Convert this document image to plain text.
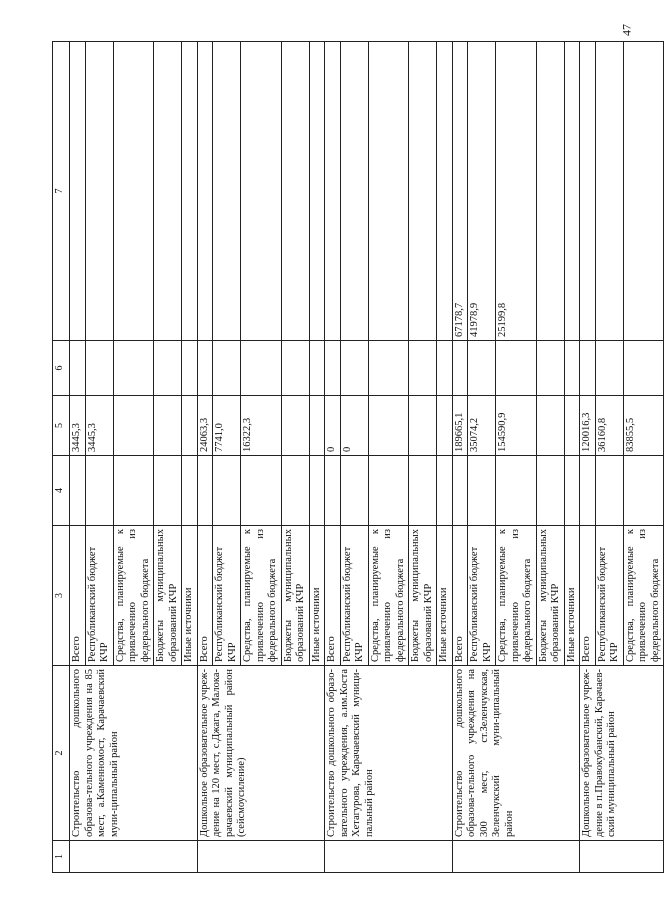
47
1	2	3	4	5	6	7
	Строительство дошкольного образова-тельного учреждения на 85 мест, а.Каменномост, Карачаевский муни-ципальный район	Всего		3445,3		
		Республиканский бюджет КЧР		3445,3		
		Средства, планируемые к привлечению из федерального бюджета				
		Бюджеты муниципальных образований КЧР				
		Иные источники				
	Дошкольное образовательное учреж-дение на 120 мест, с.Джага, Малока-рачаевский муниципальный район (сейсмоусиление)	Всего		24063,3		
		Республиканский бюджет КЧР		7741,0		
		Средства, планируемые к привлечению из федерального бюджета		16322,3		
		Бюджеты муниципальных образований КЧР				
		Иные источники				
	Строительство дошкольного образо-вательного учреждения, а.им.Коста Хетагурова, Карачаевский муници-пальный район	Всего		0		
		Республиканский бюджет КЧР		0		
		Средства, планируемые к привлечению из федерального бюджета				
		Бюджеты муниципальных образований КЧР				
		Иные источники				
	Строительство дошкольного образова-тельного учреждения на 300 мест, ст.Зеленчукская, Зеленчукский муни-ципальный район	Всего		189665,1		67178,7
		Республиканский бюджет КЧР		35074,2		41978,9
		Средства, планируемые к привлечению из федерального бюджета		154590,9		25199,8
		Бюджеты муниципальных образований КЧР				
		Иные источники				
	Дошкольное образовательное учреж-дение в п.Правокубанский, Карачаев-ский муниципальный район	Всего		120016,3		
		Республиканский бюджет КЧР		36160,8		
		Средства, планируемые к привлечению из федерального бюджета		83855,5		
